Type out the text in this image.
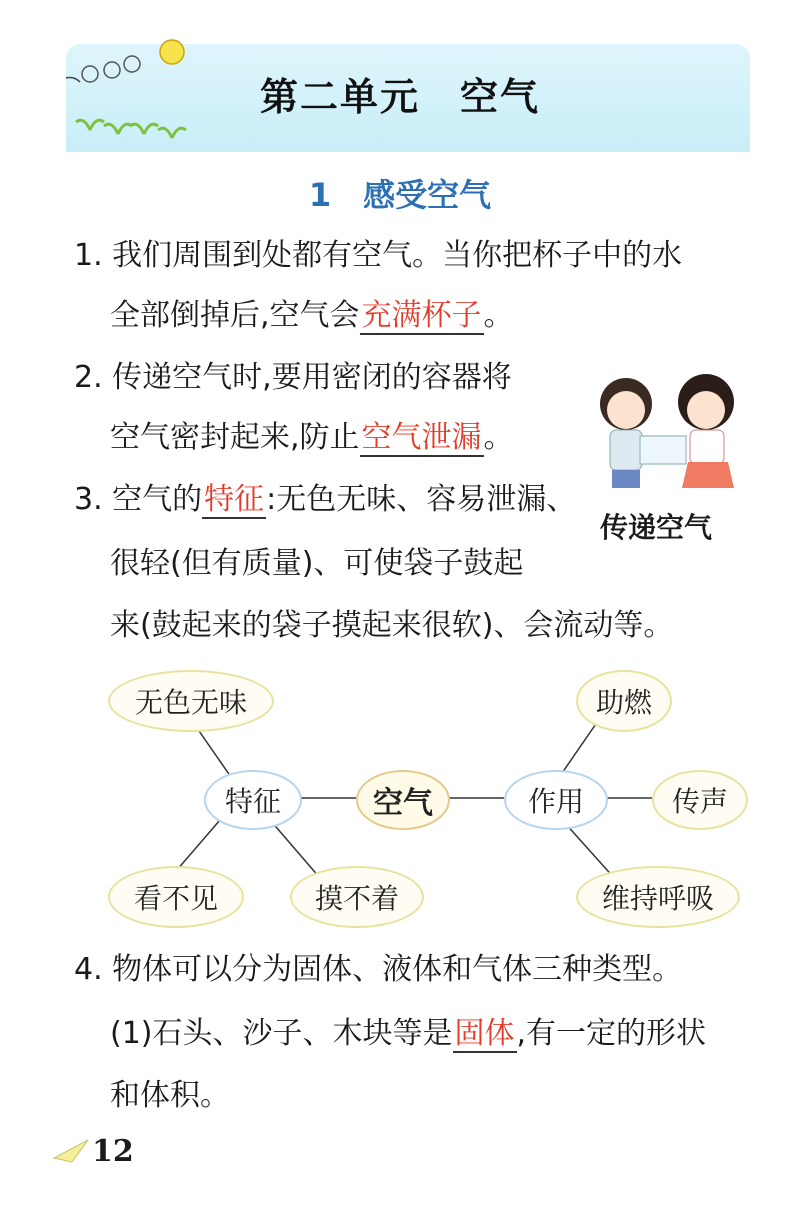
第二单元　空气
1　感受空气
1. 我们周围到处都有空气。当你把杯子中的水
全部倒掉后,空气会充满杯子。
2. 传递空气时,要用密闭的容器将
空气密封起来,防止空气泄漏。
传递空气
3. 空气的特征:无色无味、容易泄漏、
很轻(但有质量)、可使袋子鼓起
来(鼓起来的袋子摸起来很软)、会流动等。
无色无味
看不见	摸不着
特征	空气	作用
助燃
传声
维持呼吸
4. 物体可以分为固体、液体和气体三种类型。
(1)石头、沙子、木块等是固体,有一定的形状
和体积。
12
